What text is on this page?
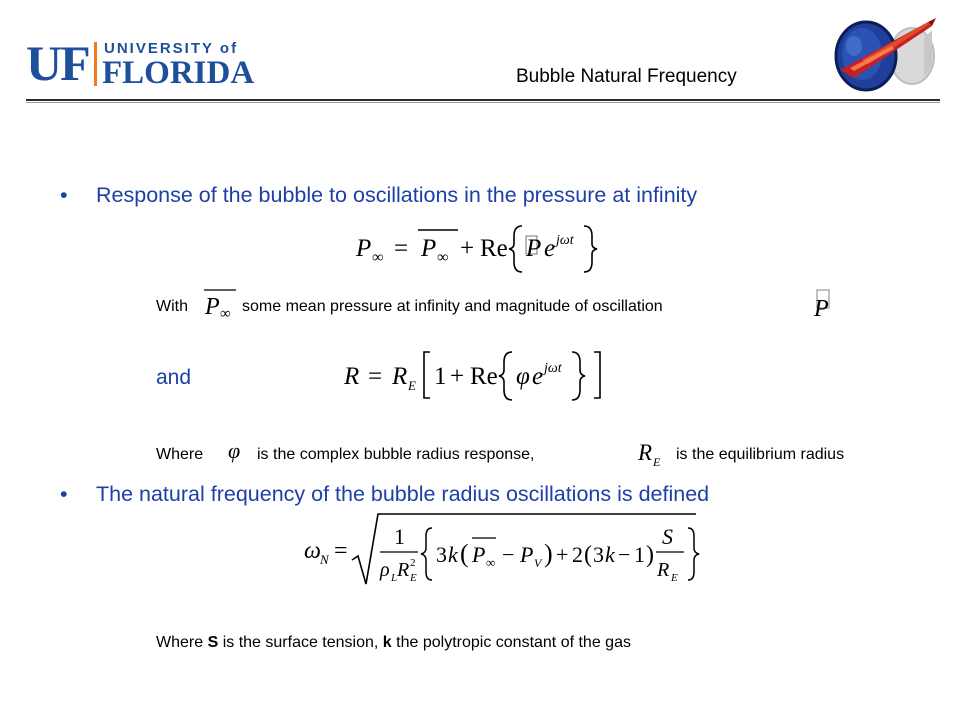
UF UNIVERSITY of
FLORIDA	Bubble Natural Frequency
• Response of the bubble to oscillations in the pressure at infinity
P ∞ = P ∞ + Re P e jωt
With P ∞ some mean pressure at infinity and magnitude of oscillation	P
and	R = R E 1 + Re φ e jωt
Where φ is the complex bubble radius response,	R E is the equilibrium radius
• The natural frequency of the bubble radius oscillations is defined
ω N =
1
ρ L R E
2 3 k ( P ∞ − P V ) + 2 ( 3 k − 1 )
S
R E
Where S is the surface tension, k the polytropic constant of the gas
